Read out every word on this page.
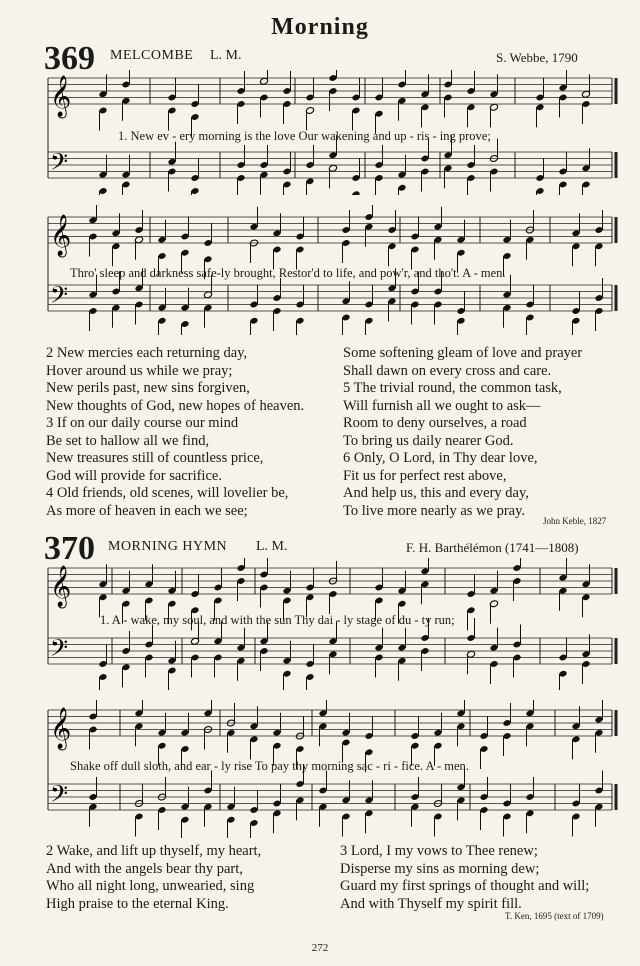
Morning
369 MELCOMBE L. M.	S. Webbe, 1790
𝄞
𝄢
1. New ev - ery morning is the love Our wakening and up - ris - ing prove;
𝄞
𝄢
Thro' sleep and darkness safe-ly brought, Restor'd to life, and pow'r, and tho't. A - men.
2 New mercies each returning day,
Hover around us while we pray;
New perils past, new sins forgiven,
New thoughts of God, new hopes of heaven.
3 If on our daily course our mind
Be set to hallow all we find,
New treasures still of countless price,
God will provide for sacrifice.
4 Old friends, old scenes, will lovelier be,
As more of heaven in each we see;
Some softening gleam of love and prayer
Shall dawn on every cross and care.
5 The trivial round, the common task,
Will furnish all we ought to ask—
Room to deny ourselves, a road
To bring us daily nearer God.
6 Only, O Lord, in Thy dear love,
Fit us for perfect rest above,
And help us, this and every day,
To live more nearly as we pray.
John Keble, 1827
370 MORNING HYMN L. M.	F. H. Barthélémon (1741—1808)
𝄞
𝄢
1. A - wake, my soul, and with the sun Thy dai - ly stage of du - ty run;
𝄞
𝄢
Shake off dull sloth, and ear - ly rise To pay thy morning sac - ri - fice. A - men.
2 Wake, and lift up thyself, my heart,
And with the angels bear thy part,
Who all night long, unwearied, sing
High praise to the eternal King.
3 Lord, I my vows to Thee renew;
Disperse my sins as morning dew;
Guard my first springs of thought and will;
And with Thyself my spirit fill.
T. Ken, 1695 (text of 1709)
272
